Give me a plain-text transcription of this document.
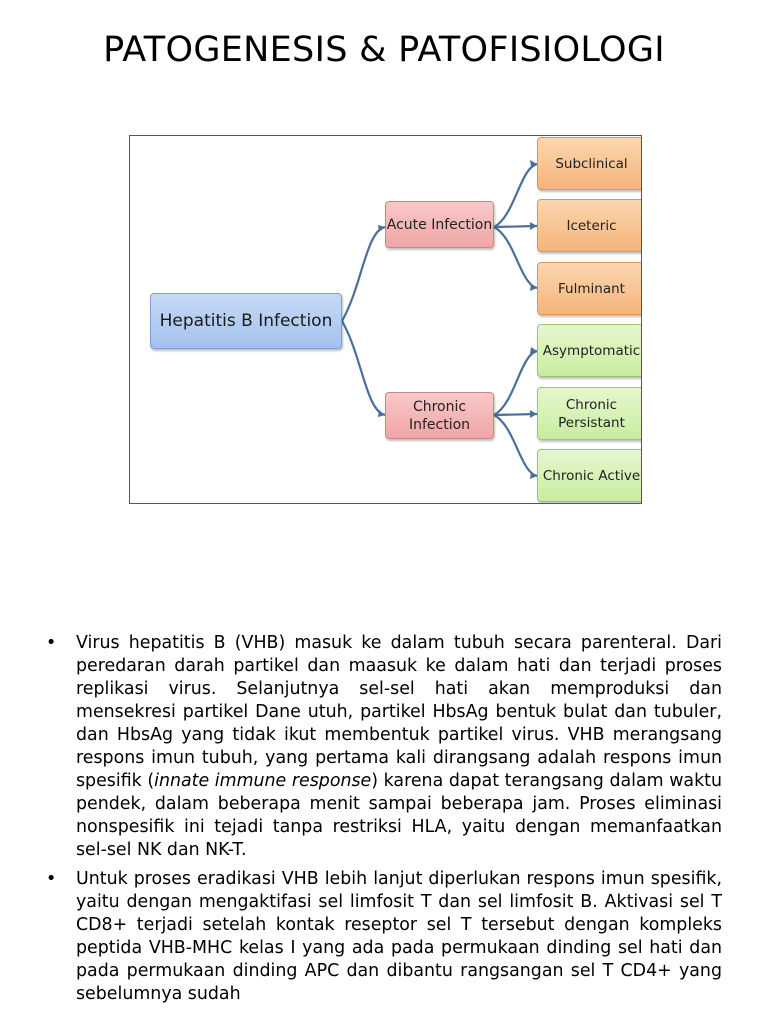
PATOGENESIS & PATOFISIOLOGI
Hepatitis B Infection
Acute Infection
Chronic Infection
Subclinical
Iceteric
Fulminant
Asymptomatic
Chronic Persistant
Chronic Active

• Virus hepatitis B (VHB) masuk ke dalam tubuh secara parenteral. Dari peredaran darah partikel dan maasuk ke dalam hati dan terjadi proses replikasi virus. Selanjutnya sel-sel hati akan memproduksi dan mensekresi partikel Dane utuh, partikel HbsAg bentuk bulat dan tubuler, dan HbsAg yang tidak ikut membentuk partikel virus. VHB merangsang respons imun tubuh, yang pertama kali dirangsang adalah respons imun spesifik (innate immune response) karena dapat terangsang dalam waktu pendek, dalam beberapa menit sampai beberapa jam. Proses eliminasi nonspesifik ini tejadi tanpa restriksi HLA, yaitu dengan memanfaatkan sel-sel NK dan NK-T.

• Untuk proses eradikasi VHB lebih lanjut diperlukan respons imun spesifik, yaitu dengan mengaktifasi sel limfosit T dan sel limfosit B. Aktivasi sel T CD8+ terjadi setelah kontak reseptor sel T tersebut dengan kompleks peptida VHB-MHC kelas I yang ada pada permukaan dinding sel hati dan pada permukaan dinding APC dan dibantu rangsangan sel T CD4+ yang sebelumnya sudah
